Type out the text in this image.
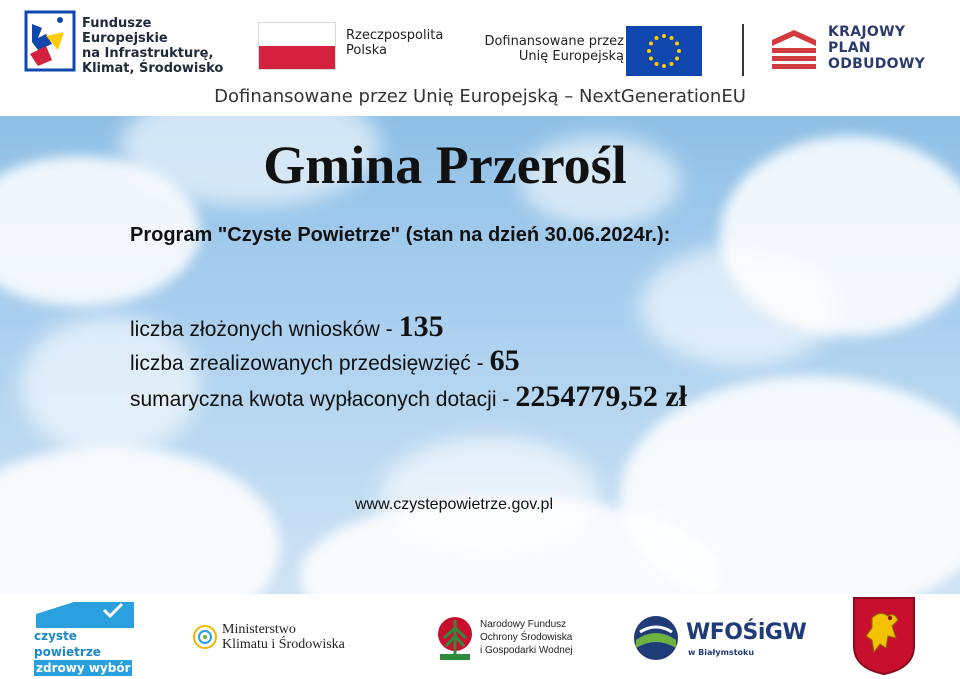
Fundusze Europejskie
na Infrastrukturę,
Klimat, Środowisko
Rzeczpospolita
Polska
Dofinansowane przez
Unię Europejską
KRAJOWY
PLAN
ODBUDOWY
Dofinansowane przez Unię Europejską – NextGenerationEU
Gmina Przerośl
Program "Czyste Powietrze" (stan na dzień 30.06.2024r.):
liczba złożonych wniosków - 135
liczba zrealizowanych przedsięwzięć - 65
sumaryczna kwota wypłaconych dotacji - 2254779,52 zł
www.czystepowietrze.gov.pl
czyste powietrze
zdrowy wybór
Ministerstwo
Klimatu i Środowiska
Narodowy Fundusz
Ochrony Środowiska
i Gospodarki Wodnej
WFOŚiGW
w Białymstoku
